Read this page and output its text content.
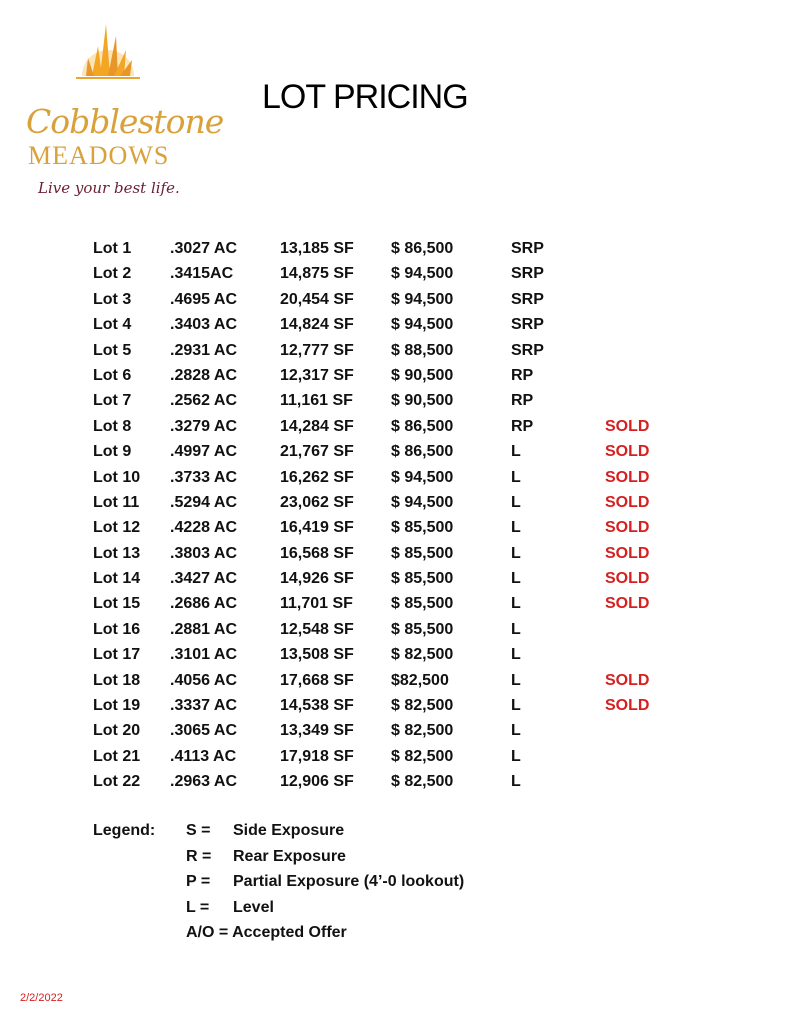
Cobblestone
MEADOWS
Live your best life.
LOT PRICING
Lot 1 .3027 AC	13,185 SF $ 86,500	SRP
Lot 2 .3415AC	14,875 SF $ 94,500	SRP
Lot 3 .4695 AC	20,454 SF $ 94,500	SRP
Lot 4 .3403 AC	14,824 SF $ 94,500	SRP
Lot 5 .2931 AC	12,777 SF $ 88,500	SRP
Lot 6 .2828 AC	12,317 SF $ 90,500	RP
Lot 7 .2562 AC	11,161 SF $ 90,500	RP
Lot 8 .3279 AC	14,284 SF $ 86,500	RP	SOLD
Lot 9 .4997 AC	21,767 SF $ 86,500	L	SOLD
Lot 10 .3733 AC	16,262 SF $ 94,500	L	SOLD
Lot 11 .5294 AC	23,062 SF $ 94,500	L	SOLD
Lot 12 .4228 AC	16,419 SF $ 85,500	L	SOLD
Lot 13 .3803 AC	16,568 SF $ 85,500	L	SOLD
Lot 14 .3427 AC	14,926 SF $ 85,500	L	SOLD
Lot 15 .2686 AC	11,701 SF $ 85,500	L	SOLD
Lot 16 .2881 AC	12,548 SF $ 85,500	L
Lot 17 .3101 AC	13,508 SF $ 82,500	L
Lot 18 .4056 AC	17,668 SF $82,500	L	SOLD
Lot 19 .3337 AC	14,538 SF $ 82,500	L	SOLD
Lot 20 .3065 AC	13,349 SF $ 82,500	L
Lot 21 .4113 AC	17,918 SF $ 82,500	L
Lot 22 .2963 AC	12,906 SF $ 82,500	L
Legend: S = Side Exposure
R = Rear Exposure
P = Partial Exposure (4’-0 lookout)
L = Level
A/O = Accepted Offer
2/2/2022
